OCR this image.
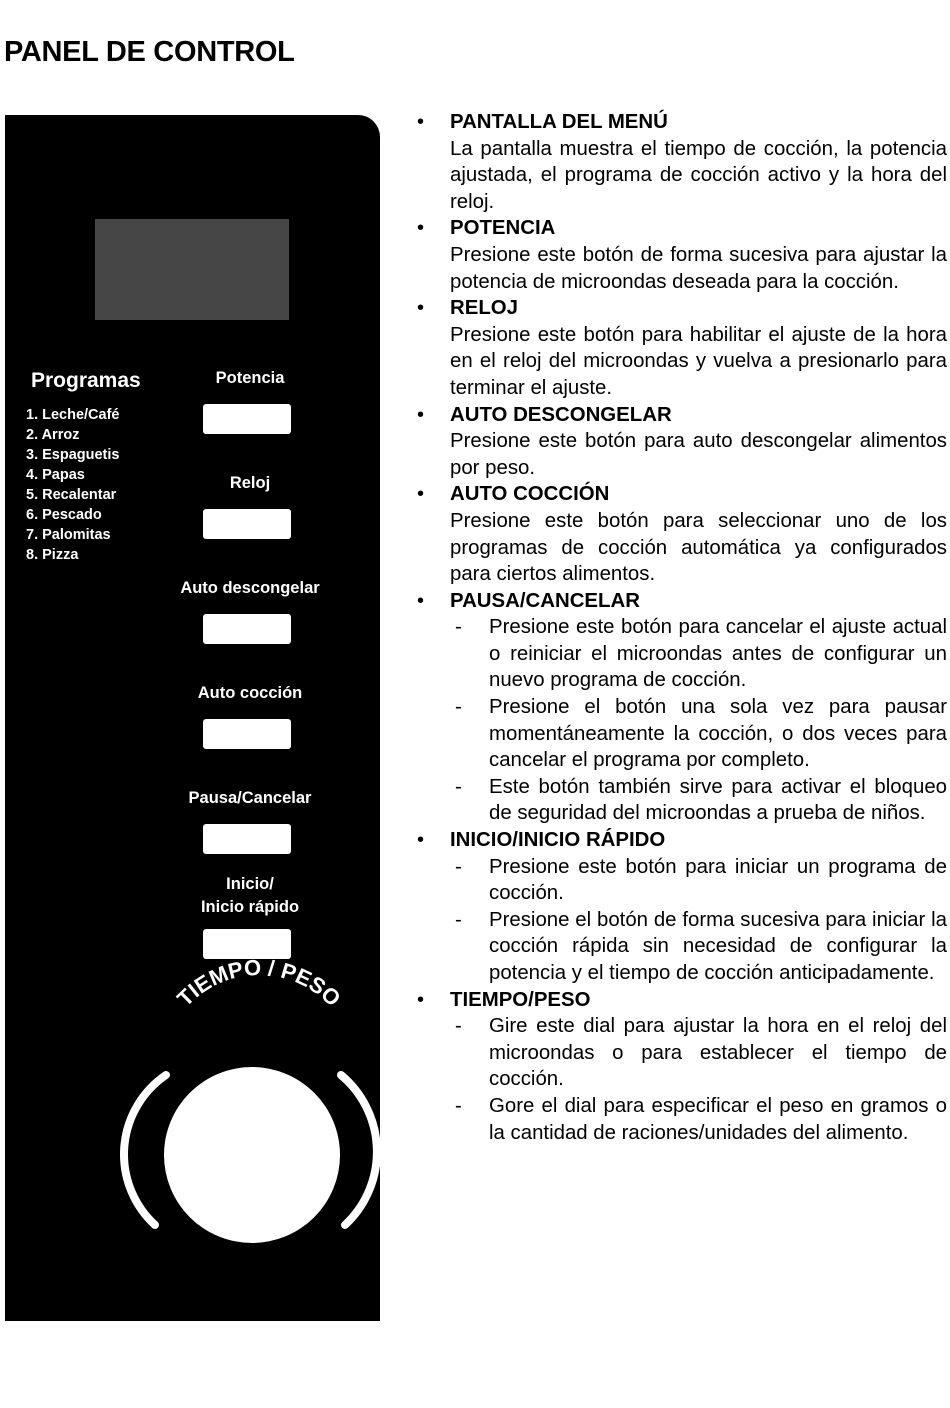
PANEL DE CONTROL
Programas
1. Leche/Café
2. Arroz
3. Espaguetis
4. Papas
5. Recalentar
6. Pescado
7. Palomitas
8. Pizza
Potencia
Reloj
Auto descongelar
Auto cocción
Pausa/Cancelar
Inicio/
Inicio rápido
TIEMPO / PESO
• PANTALLA DEL MENÚ
La pantalla muestra el tiempo de cocción, la potencia ajustada, el programa de cocción activo y la hora del reloj.
• POTENCIA
Presione este botón de forma sucesiva para ajustar la potencia de microondas deseada para la cocción.
• RELOJ
Presione este botón para habilitar el ajuste de la hora en el reloj del microondas y vuelva a presionarlo para terminar el ajuste.
• AUTO DESCONGELAR
Presione este botón para auto descongelar alimentos por peso.
• AUTO COCCIÓN
Presione este botón para seleccionar uno de los programas de cocción automática ya configurados para ciertos alimentos.
• PAUSA/CANCELAR
- Presione este botón para cancelar el ajuste actual o reiniciar el microondas antes de configurar un nuevo programa de cocción.
- Presione el botón una sola vez para pausar momentáneamente la cocción, o dos veces para cancelar el programa por completo.
- Este botón también sirve para activar el bloqueo de seguridad del microondas a prueba de niños.
• INICIO/INICIO RÁPIDO
- Presione este botón para iniciar un programa de cocción.
- Presione el botón de forma sucesiva para iniciar la cocción rápida sin necesidad de configurar la potencia y el tiempo de cocción anticipadamente.
• TIEMPO/PESO
- Gire este dial para ajustar la hora en el reloj del microondas o para establecer el tiempo de cocción.
- Gore el dial para especificar el peso en gramos o la cantidad de raciones/unidades del alimento.
